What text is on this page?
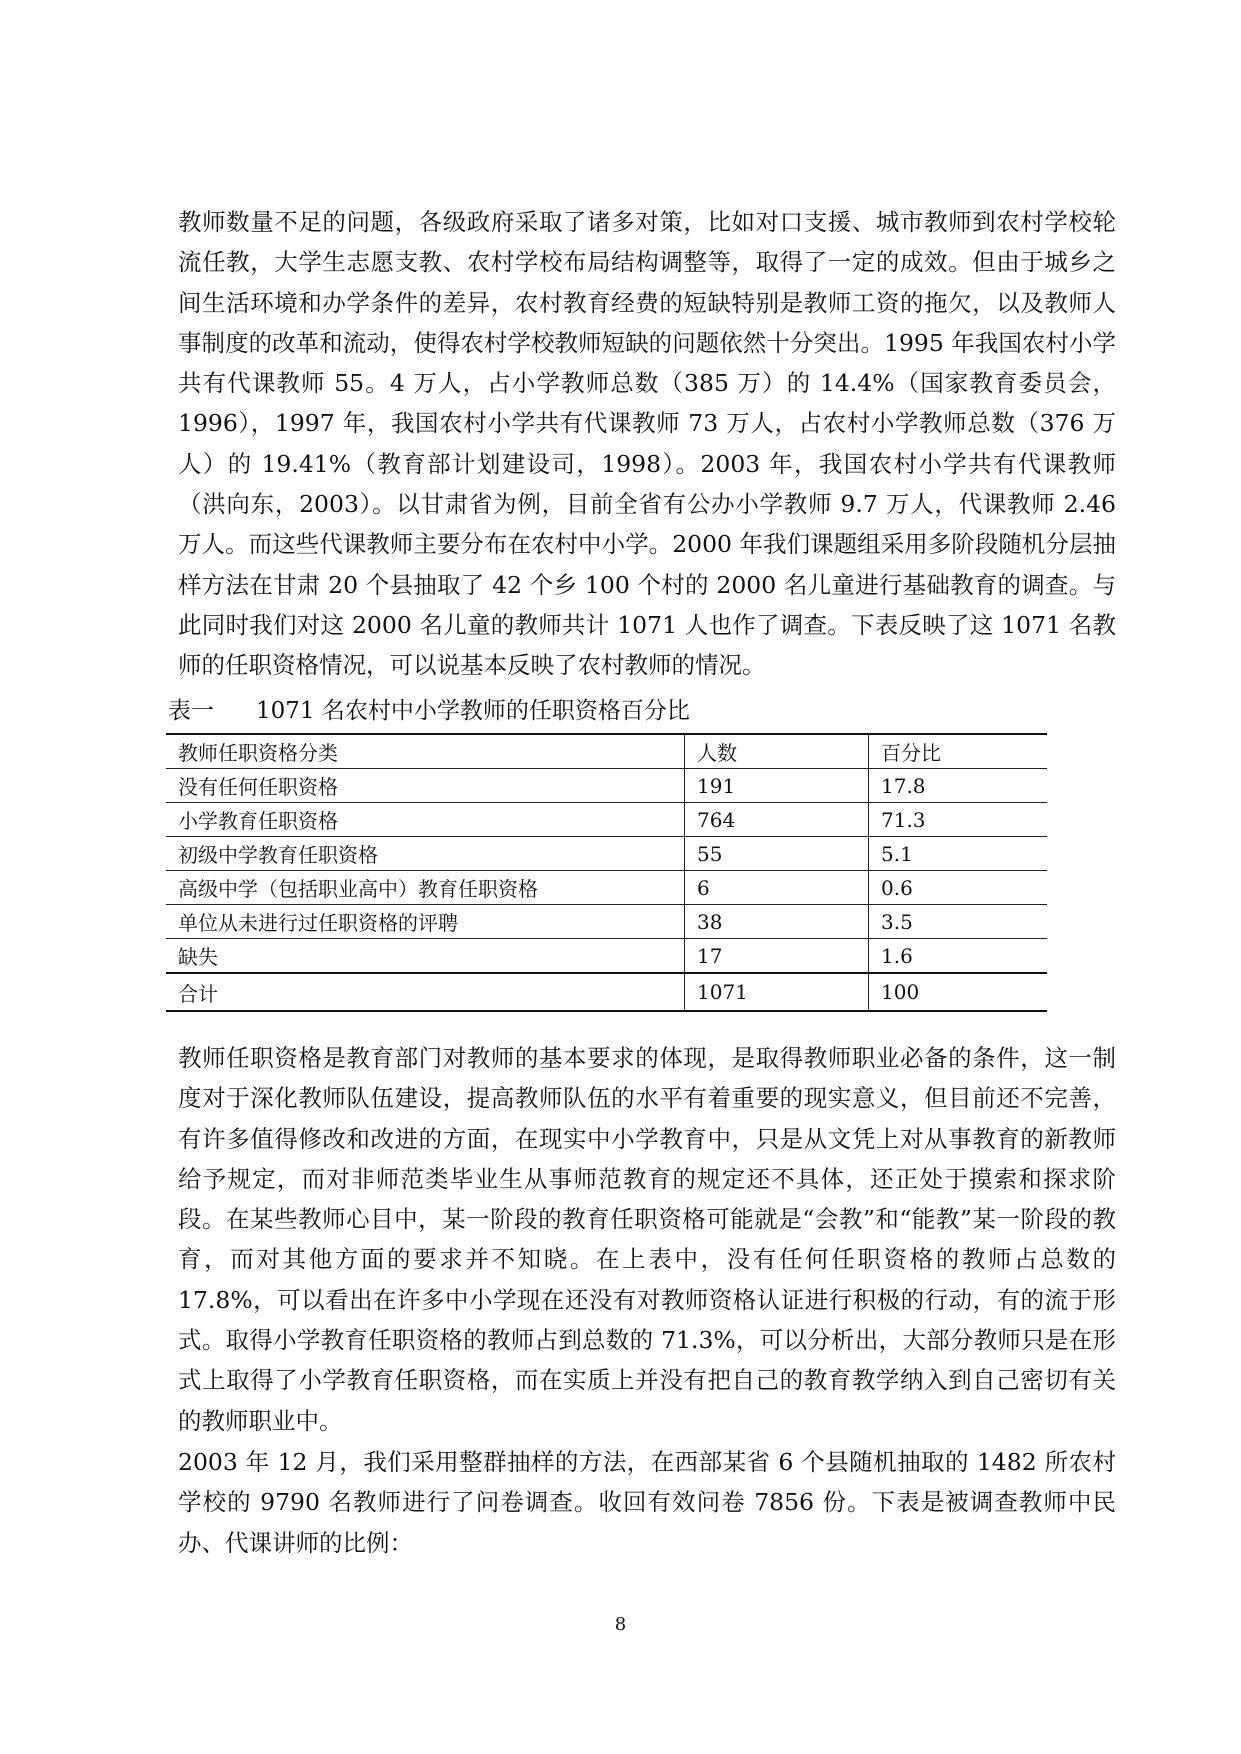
教师数量不足的问题，各级政府采取了诸多对策，比如对口支援、城市教师到农村学校轮流任教，大学生志愿支教、农村学校布局结构调整等，取得了一定的成效。但由于城乡之间生活环境和办学条件的差异，农村教育经费的短缺特别是教师工资的拖欠，以及教师人事制度的改革和流动，使得农村学校教师短缺的问题依然十分突出。1995 年我国农村小学共有代课教师 55。4 万人，占小学教师总数（385 万）的 14.4%（国家教育委员会，1996），1997 年，我国农村小学共有代课教师 73 万人，占农村小学教师总数（376 万人）的 19.41%（教育部计划建设司，1998）。2003 年，我国农村小学共有代课教师（洪向东，2003）。以甘肃省为例，目前全省有公办小学教师 9.7 万人，代课教师 2.46 万人。而这些代课教师主要分布在农村中小学。2000 年我们课题组采用多阶段随机分层抽样方法在甘肃 20 个县抽取了 42 个乡 100 个村的 2000 名儿童进行基础教育的调查。与此同时我们对这 2000 名儿童的教师共计 1071 人也作了调查。下表反映了这 1071 名教师的任职资格情况，可以说基本反映了农村教师的情况。

表一 1071 名农村中小学教师的任职资格百分比
教师任职资格分类	人数	百分比
没有任何任职资格	191	17.8
小学教育任职资格	764	71.3
初级中学教育任职资格	55	5.1
高级中学（包括职业高中）教育任职资格	6	0.6
单位从未进行过任职资格的评聘	38	3.5
缺失	17	1.6
合计	1071	100

教师任职资格是教育部门对教师的基本要求的体现，是取得教师职业必备的条件，这一制度对于深化教师队伍建设，提高教师队伍的水平有着重要的现实意义，但目前还不完善，有许多值得修改和改进的方面，在现实中小学教育中，只是从文凭上对从事教育的新教师给予规定，而对非师范类毕业生从事师范教育的规定还不具体，还正处于摸索和探求阶段。在某些教师心目中，某一阶段的教育任职资格可能就是“会教”和“能教”某一阶段的教育，而对其他方面的要求并不知晓。在上表中，没有任何任职资格的教师占总数的 17.8%，可以看出在许多中小学现在还没有对教师资格认证进行积极的行动，有的流于形式。取得小学教育任职资格的教师占到总数的 71.3%，可以分析出，大部分教师只是在形式上取得了小学教育任职资格，而在实质上并没有把自己的教育教学纳入到自己密切有关的教师职业中。

2003 年 12 月，我们采用整群抽样的方法，在西部某省 6 个县随机抽取的 1482 所农村学校的 9790 名教师进行了问卷调查。收回有效问卷 7856 份。下表是被调查教师中民办、代课讲师的比例：

8
